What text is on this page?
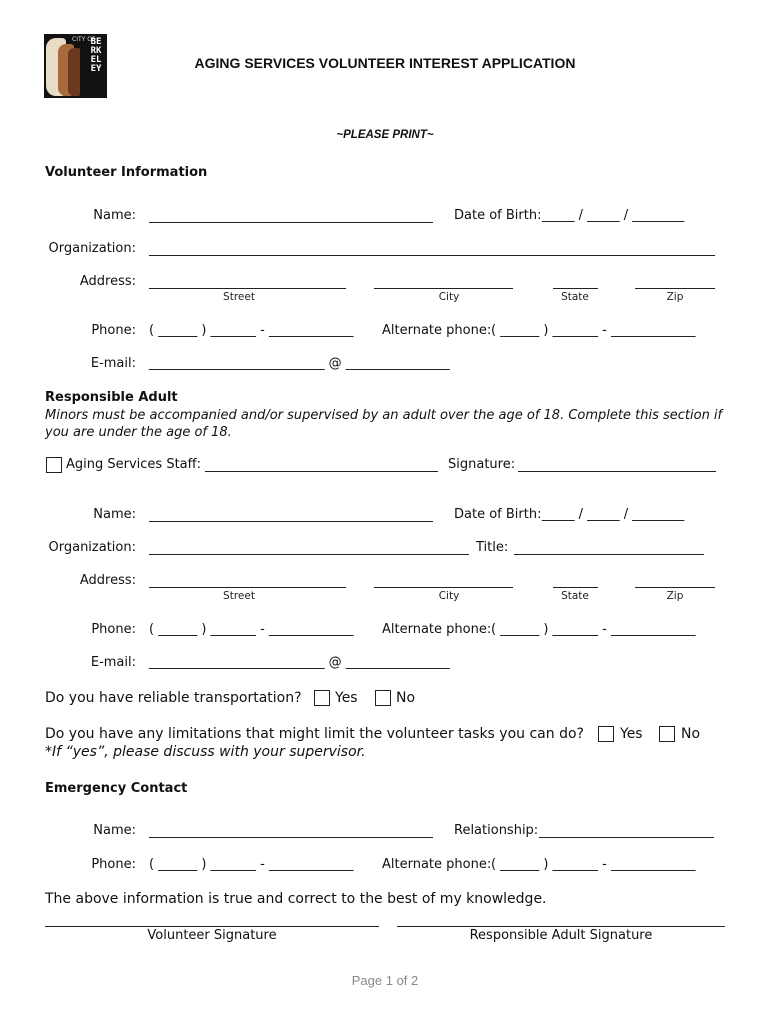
CITY OF
BERKELEY	AGING SERVICES VOLUNTEER INTEREST APPLICATION
~PLEASE PRINT~
Volunteer Information
Name:	Date of Birth: _____ / _____ / ________
Organization:
Address:
Street	City	State	Zip
Phone: ( ______ ) _______ - _____________ Alternate phone: ( ______ ) _______ - _____________
E-mail: ___________________________ @ ________________
Responsible Adult
Minors must be accompanied and/or supervised by an adult over the age of 18. Complete this section if you are under the age of 18.
Aging Services Staff:	Signature:
Name:	Date of Birth: _____ / _____ / ________
Organization:	Title:
Address:
Street	City	State	Zip
Phone: ( ______ ) _______ - _____________ Alternate phone: ( ______ ) _______ - _____________
E-mail: ___________________________ @ ________________
Do you have reliable transportation? Yes	No
Do you have any limitations that might limit the volunteer tasks you can do?	Yes	No
*If “yes”, please discuss with your supervisor.
Emergency Contact
Name:	Relationship:
Phone: ( ______ ) _______ - _____________ Alternate phone: ( ______ ) _______ - _____________
The above information is true and correct to the best of my knowledge.
Volunteer Signature	Responsible Adult Signature
Page 1 of 2
